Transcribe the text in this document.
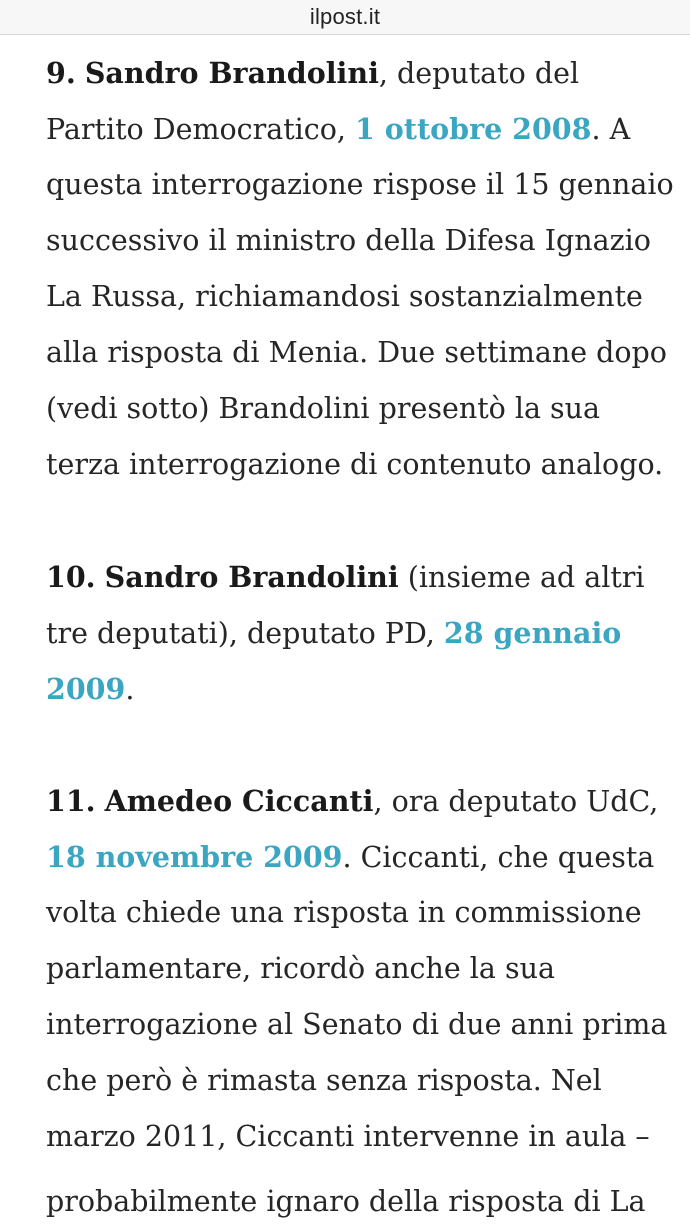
ilpost.it
9. Sandro Brandolini, deputato del
Partito Democratico, 1 ottobre 2008. A
questa interrogazione rispose il 15 gennaio
successivo il ministro della Difesa Ignazio
La Russa, richiamandosi sostanzialmente
alla risposta di Menia. Due settimane dopo
(vedi sotto) Brandolini presentò la sua
terza interrogazione di contenuto analogo.
10. Sandro Brandolini (insieme ad altri
tre deputati), deputato PD, 28 gennaio
2009.
11. Amedeo Ciccanti, ora deputato UdC,
18 novembre 2009. Ciccanti, che questa
volta chiede una risposta in commissione
parlamentare, ricordò anche la sua
interrogazione al Senato di due anni prima
che però è rimasta senza risposta. Nel
marzo 2011, Ciccanti intervenne in aula –
probabilmente ignaro della risposta di La
